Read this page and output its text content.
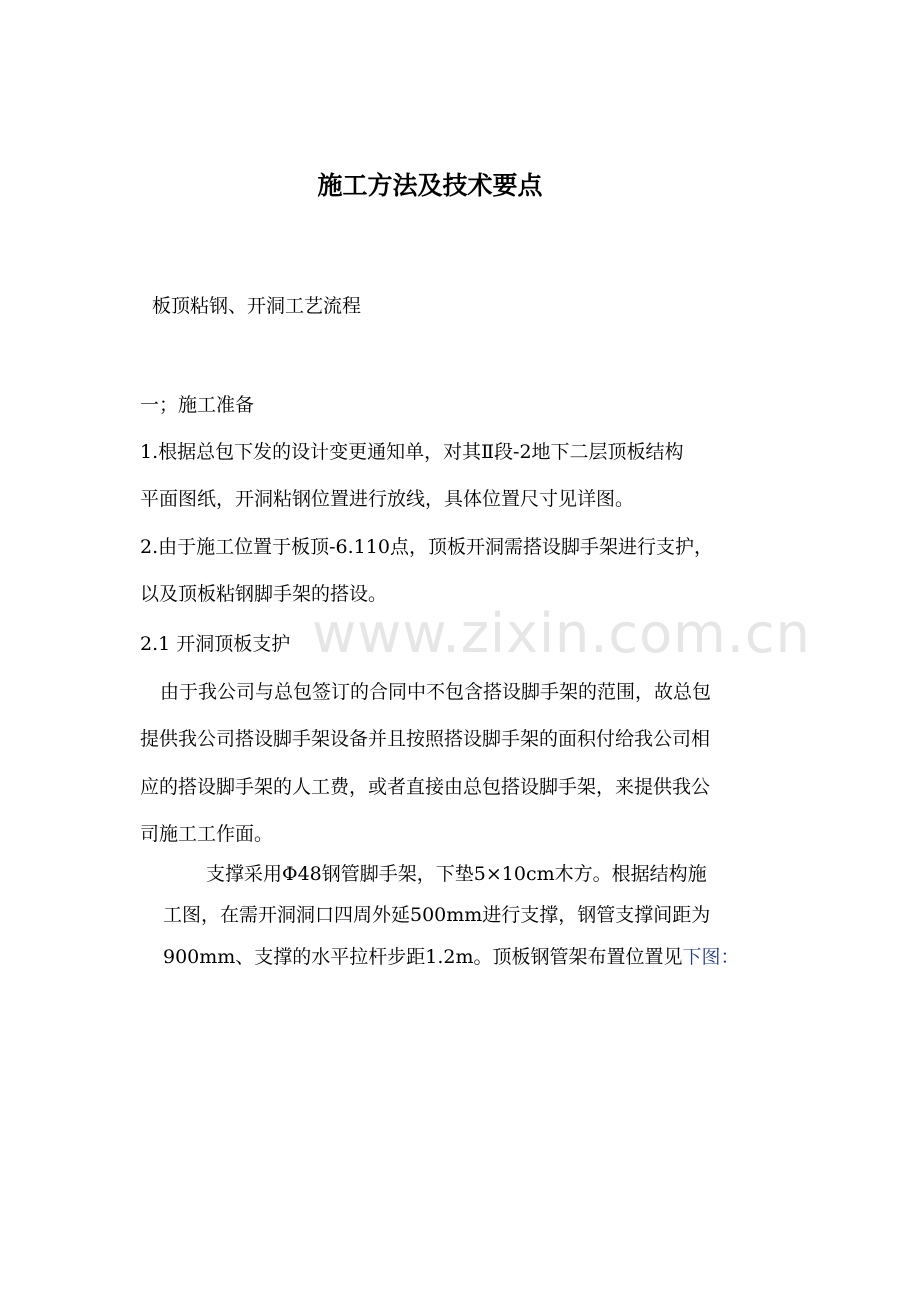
施工方法及技术要点
板顶粘钢、开洞工艺流程
一；施工准备
1.根据总包下发的设计变更通知单，对其Ⅱ段-2地下二层顶板结构
平面图纸，开洞粘钢位置进行放线，具体位置尺寸见详图。
2.由于施工位置于板顶-6.110点，顶板开洞需搭设脚手架进行支护，
以及顶板粘钢脚手架的搭设。
2.1 开洞顶板支护
由于我公司与总包签订的合同中不包含搭设脚手架的范围，故总包
提供我公司搭设脚手架设备并且按照搭设脚手架的面积付给我公司相
应的搭设脚手架的人工费，或者直接由总包搭设脚手架，来提供我公
司施工工作面。
支撑采用Φ48钢管脚手架，下垫5×10cm木方。根据结构施
工图，在需开洞洞口四周外延500mm进行支撑，钢管支撑间距为
900mm、支撑的水平拉杆步距1.2m。顶板钢管架布置位置见下图：
www.zixin.com.cn
